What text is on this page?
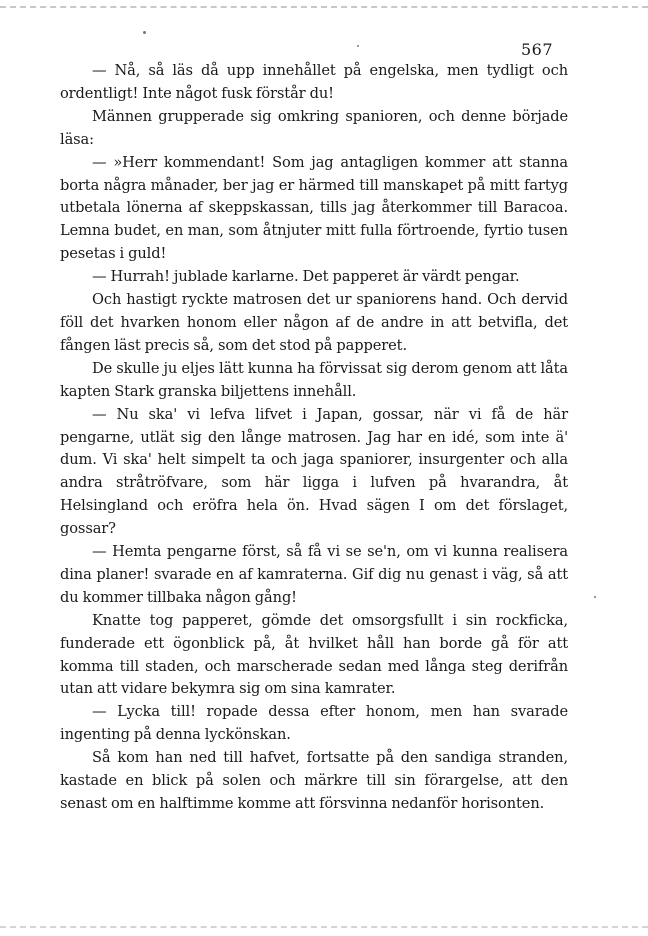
567

— Nå, så läs då upp innehållet på engelska, men tydligt och ordentligt! Inte något fusk förstår du!

Männen grupperade sig omkring spanioren, och denne började läsa:

— »Herr kommendant! Som jag antagligen kommer att stanna borta några månader, ber jag er härmed till manskapet på mitt fartyg utbetala lönerna af skeppskassan, tills jag återkommer till Baracoa. Lemna budet, en man, som åtnjuter mitt fulla förtroende, fyrtio tusen pesetas i guld!

— Hurrah! jublade karlarne. Det papperet är värdt pengar.

Och hastigt ryckte matrosen det ur spaniorens hand. Och dervid föll det hvarken honom eller någon af de andre in att betvifla, det fången läst precis så, som det stod på papperet.

De skulle ju eljes lätt kunna ha förvissat sig derom genom att låta kapten Stark granska biljettens innehåll.

— Nu ska' vi lefva lifvet i Japan, gossar, när vi få de här pengarne, utlät sig den långe matrosen. Jag har en idé, som inte ä' dum. Vi ska' helt simpelt ta och jaga spaniorer, insurgenter och alla andra stråtröfvare, som här ligga i lufven på hvarandra, åt Helsingland och eröfra hela ön. Hvad sägen I om det förslaget, gossar?

— Hemta pengarne först, så få vi se se'n, om vi kunna realisera dina planer! svarade en af kamraterna. Gif dig nu genast i väg, så att du kommer tillbaka någon gång!

Knatte tog papperet, gömde det omsorgsfullt i sin rockficka, funderade ett ögonblick på, åt hvilket håll han borde gå för att komma till staden, och marscherade sedan med långa steg derifrån utan att vidare bekymra sig om sina kamrater.

— Lycka till! ropade dessa efter honom, men han svarade ingenting på denna lyckönskan.

Så kom han ned till hafvet, fortsatte på den sandiga stranden, kastade en blick på solen och märkre till sin förargelse, att den senast om en halftimme komme att försvinna nedanför horisonten.
